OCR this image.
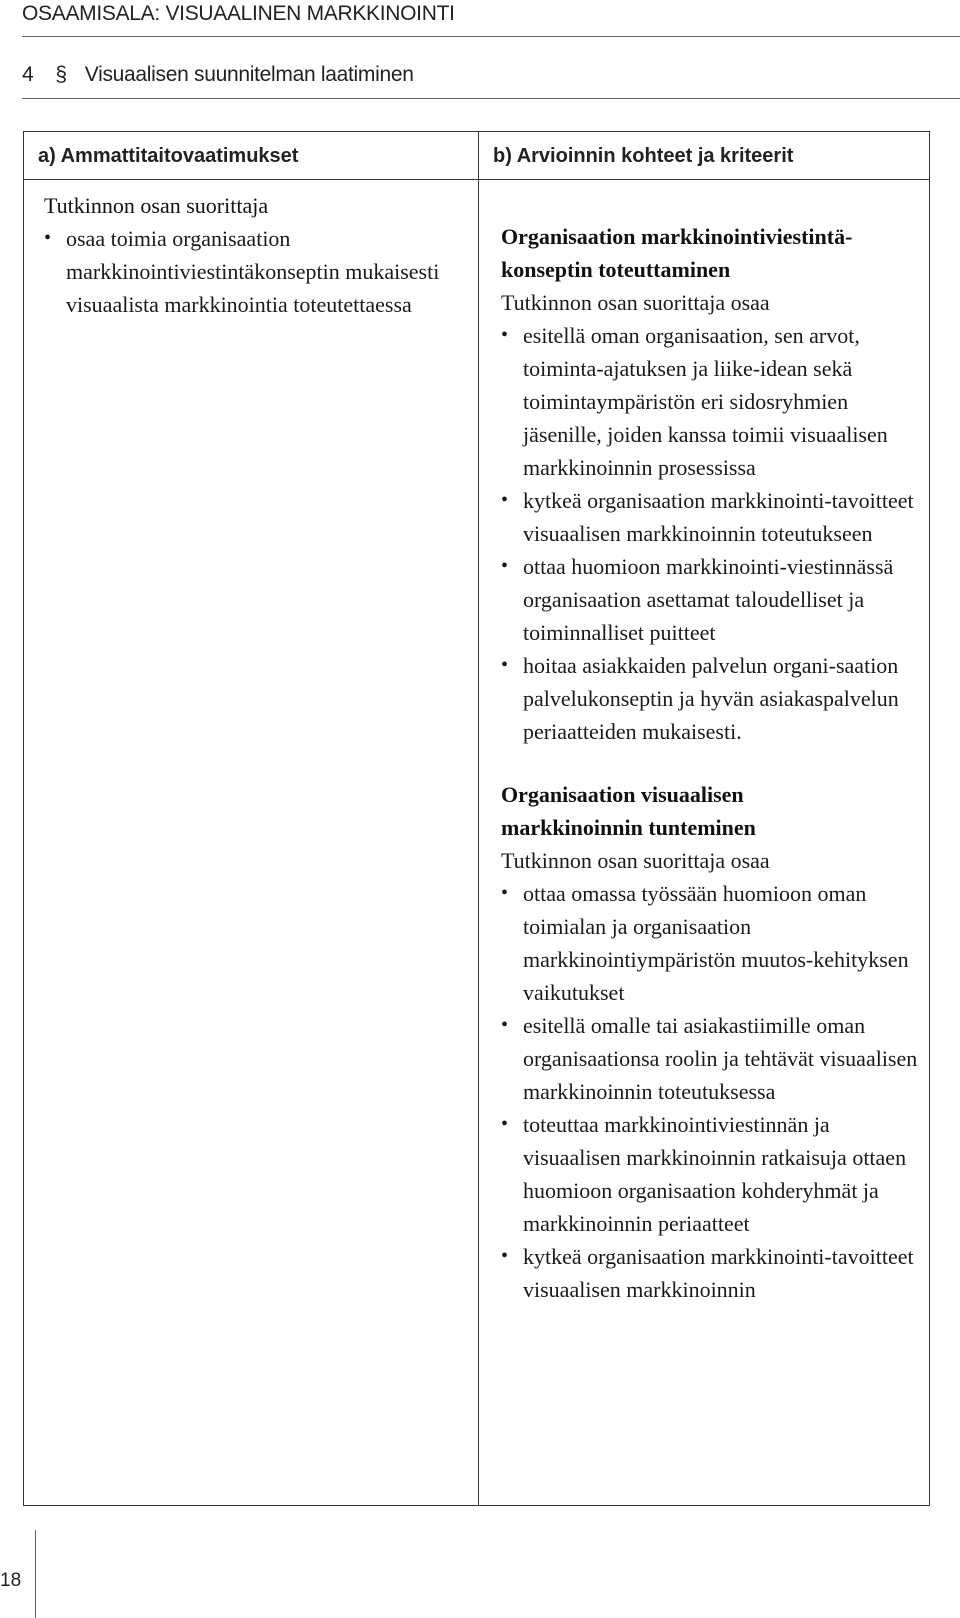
OSAAMISALA: VISUAALINEN MARKKINOINTI
4 § Visuaalisen suunnitelman laatiminen
a) Ammattitaitovaatimukset	b) Arvioinnin kohteet ja kriteerit
Tutkinnon osan suorittaja
• osaa toimia organisaation markkinointiviestintäkonseptin mukaisesti visuaalista markkinointia toteutettaessa
Organisaation markkinointiviestintä-konseptin toteuttaminen
Tutkinnon osan suorittaja osaa
• esitellä oman organisaation, sen arvot, toiminta-ajatuksen ja liike-idean sekä toimintaympäristön eri sidosryhmien jäsenille, joiden kanssa toimii visuaalisen markkinoinnin prosessissa
• kytkeä organisaation markkinointi-tavoitteet visuaalisen markkinoinnin toteutukseen
• ottaa huomioon markkinointi-viestinnässä organisaation asettamat taloudelliset ja toiminnalliset puitteet
• hoitaa asiakkaiden palvelun organi-saation palvelukonseptin ja hyvän asiakaspalvelun periaatteiden mukaisesti.
Organisaation visuaalisen markkinoinnin tunteminen
Tutkinnon osan suorittaja osaa
• ottaa omassa työssään huomioon oman toimialan ja organisaation markkinointiympäristön muutos-kehityksen vaikutukset
• esitellä omalle tai asiakastiimille oman organisaationsa roolin ja tehtävät visuaalisen markkinoinnin toteutuksessa
• toteuttaa markkinointiviestinnän ja visuaalisen markkinoinnin ratkaisuja ottaen huomioon organisaation kohderyhmät ja markkinoinnin periaatteet
• kytkeä organisaation markkinointi-tavoitteet visuaalisen markkinoinnin
18
